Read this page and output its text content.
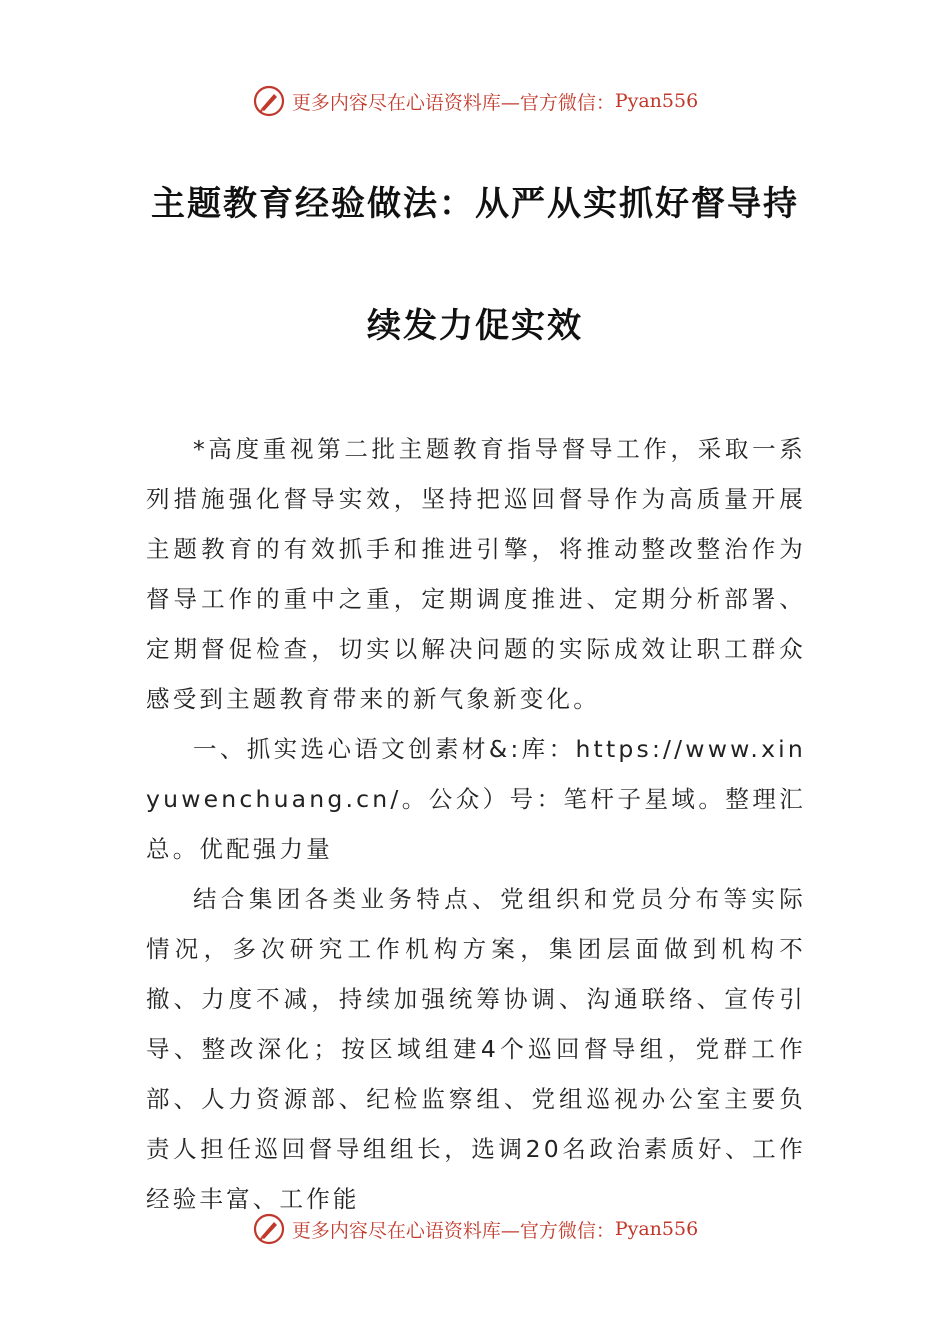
更多内容尽在心语资料库—官方微信： Pyan556
主题教育经验做法：从严从实抓好督导持
续发力促实效

*高度重视第二批主题教育指导督导工作，采取一系列措施强化督导实效，坚持把巡回督导作为高质量开展主题教育的有效抓手和推进引擎，将推动整改整治作为督导工作的重中之重，定期调度推进、定期分析部署、定期督促检查，切实以解决问题的实际成效让职工群众感受到主题教育带来的新气象新变化。

一、抓实选心语文创素材&:库：https://www.xinyuwenchuang.cn/。公众）号：笔杆子星域。整理汇总。优配强力量

结合集团各类业务特点、党组织和党员分布等实际情况，多次研究工作机构方案，集团层面做到机构不撤、力度不减，持续加强统筹协调、沟通联络、宣传引导、整改深化；按区域组建4个巡回督导组，党群工作部、人力资源部、纪检监察组、党组巡视办公室主要负责人担任巡回督导组组长，选调20名政治素质好、工作经验丰富、工作能

更多内容尽在心语资料库—官方微信： Pyan556
